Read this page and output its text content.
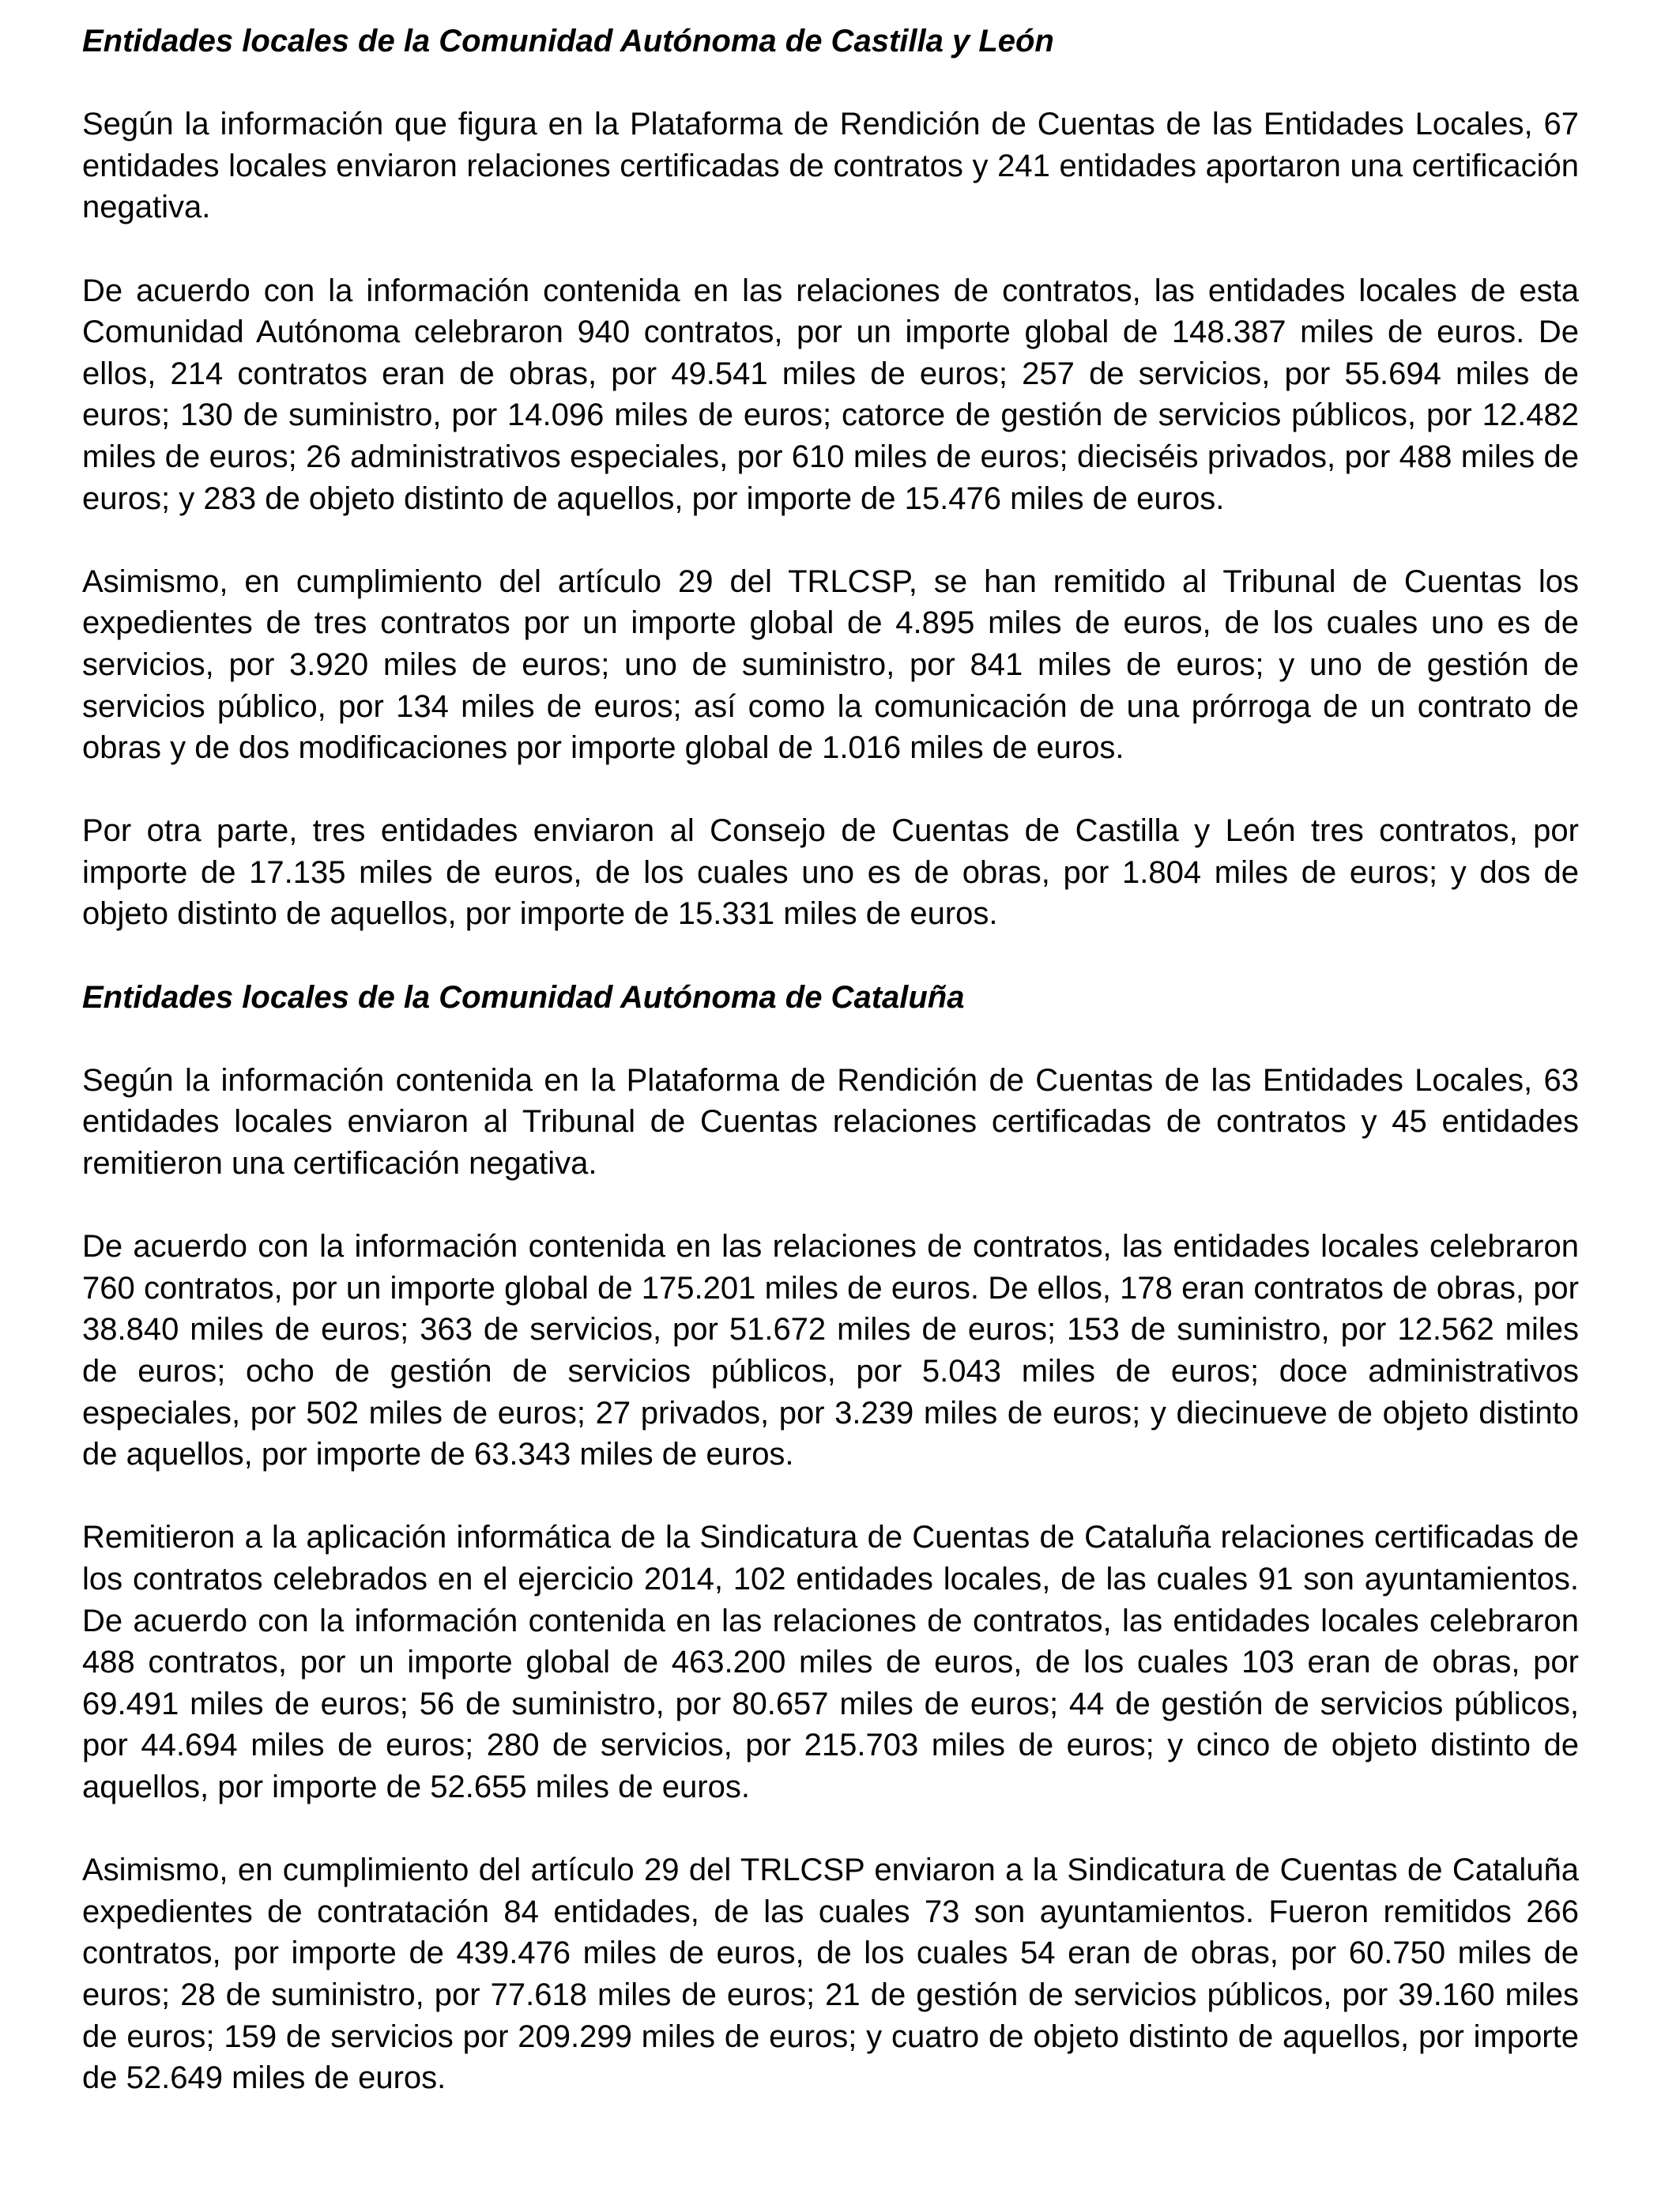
Entidades locales de la Comunidad Autónoma de Castilla y León

Según la información que figura en la Plataforma de Rendición de Cuentas de las Entidades Locales, 67 entidades locales enviaron relaciones certificadas de contratos y 241 entidades aportaron una certificación negativa.

De acuerdo con la información contenida en las relaciones de contratos, las entidades locales de esta Comunidad Autónoma celebraron 940 contratos, por un importe global de 148.387 miles de euros. De ellos, 214 contratos eran de obras, por 49.541 miles de euros; 257 de servicios, por 55.694 miles de euros; 130 de suministro, por 14.096 miles de euros; catorce de gestión de servicios públicos, por 12.482 miles de euros; 26 administrativos especiales, por 610 miles de euros; dieciséis privados, por 488 miles de euros; y 283 de objeto distinto de aquellos, por importe de 15.476 miles de euros.

Asimismo, en cumplimiento del artículo 29 del TRLCSP, se han remitido al Tribunal de Cuentas los expedientes de tres contratos por un importe global de 4.895 miles de euros, de los cuales uno es de servicios, por 3.920 miles de euros; uno de suministro, por 841 miles de euros; y uno de gestión de servicios público, por 134 miles de euros; así como la comunicación de una prórroga de un contrato de obras y de dos modificaciones por importe global de 1.016 miles de euros.

Por otra parte, tres entidades enviaron al Consejo de Cuentas de Castilla y León tres contratos, por importe de 17.135 miles de euros, de los cuales uno es de obras, por 1.804 miles de euros; y dos de objeto distinto de aquellos, por importe de 15.331 miles de euros.

Entidades locales de la Comunidad Autónoma de Cataluña

Según la información contenida en la Plataforma de Rendición de Cuentas de las Entidades Locales, 63 entidades locales enviaron al Tribunal de Cuentas relaciones certificadas de contratos y 45 entidades remitieron una certificación negativa.

De acuerdo con la información contenida en las relaciones de contratos, las entidades locales celebraron 760 contratos, por un importe global de 175.201 miles de euros. De ellos, 178 eran contratos de obras, por 38.840 miles de euros; 363 de servicios, por 51.672 miles de euros; 153 de suministro, por 12.562 miles de euros; ocho de gestión de servicios públicos, por 5.043 miles de euros; doce administrativos especiales, por 502 miles de euros; 27 privados, por 3.239 miles de euros; y diecinueve de objeto distinto de aquellos, por importe de 63.343 miles de euros.

Remitieron a la aplicación informática de la Sindicatura de Cuentas de Cataluña relaciones certificadas de los contratos celebrados en el ejercicio 2014, 102 entidades locales, de las cuales 91 son ayuntamientos. De acuerdo con la información contenida en las relaciones de contratos, las entidades locales celebraron 488 contratos, por un importe global de 463.200 miles de euros, de los cuales 103 eran de obras, por 69.491 miles de euros; 56 de suministro, por 80.657 miles de euros; 44 de gestión de servicios públicos, por 44.694 miles de euros; 280 de servicios, por 215.703 miles de euros; y cinco de objeto distinto de aquellos, por importe de 52.655 miles de euros.

Asimismo, en cumplimiento del artículo 29 del TRLCSP enviaron a la Sindicatura de Cuentas de Cataluña expedientes de contratación 84 entidades, de las cuales 73 son ayuntamientos. Fueron remitidos 266 contratos, por importe de 439.476 miles de euros, de los cuales 54 eran de obras, por 60.750 miles de euros; 28 de suministro, por 77.618 miles de euros; 21 de gestión de servicios públicos, por 39.160 miles de euros; 159 de servicios por 209.299 miles de euros; y cuatro de objeto distinto de aquellos, por importe de 52.649 miles de euros.
